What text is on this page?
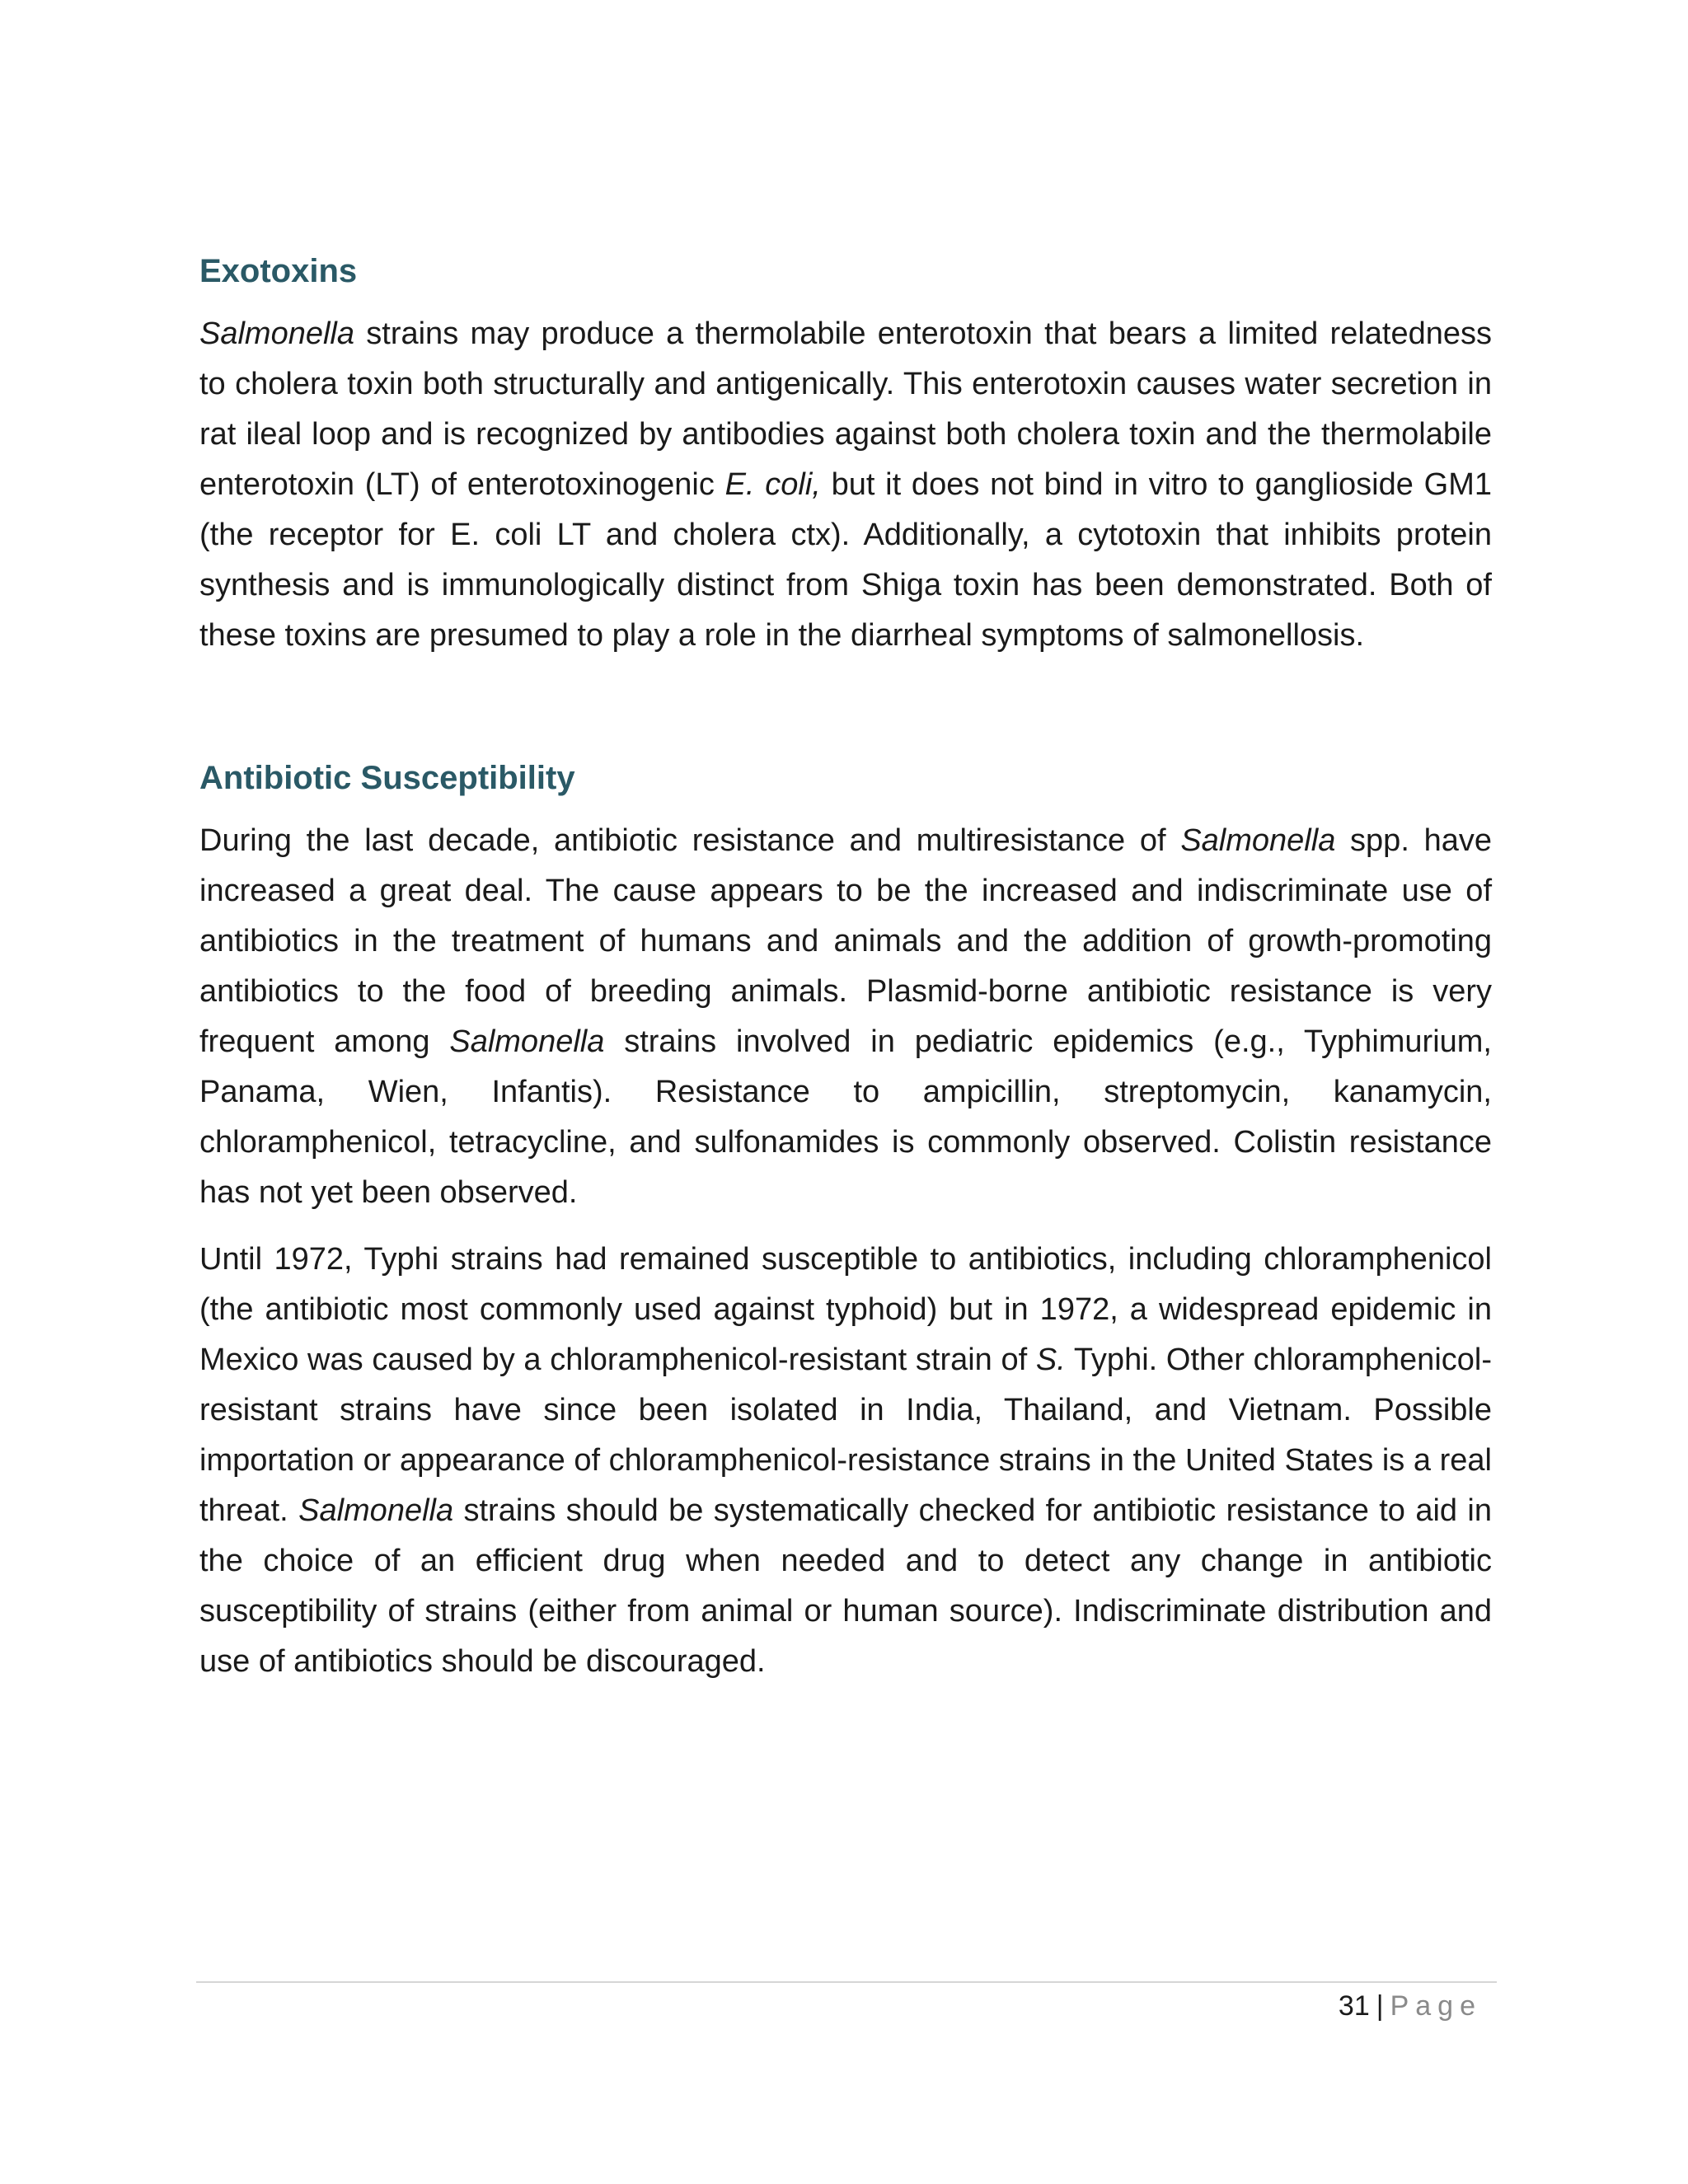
Exotoxins

Salmonella strains may produce a thermolabile enterotoxin that bears a limited relatedness to cholera toxin both structurally and antigenically. This enterotoxin causes water secretion in rat ileal loop and is recognized by antibodies against both cholera toxin and the thermolabile enterotoxin (LT) of enterotoxinogenic E. coli, but it does not bind in vitro to ganglioside GM1 (the receptor for E. coli LT and cholera ctx). Additionally, a cytotoxin that inhibits protein synthesis and is immunologically distinct from Shiga toxin has been demonstrated. Both of these toxins are presumed to play a role in the diarrheal symptoms of salmonellosis.

Antibiotic Susceptibility

During the last decade, antibiotic resistance and multiresistance of Salmonella spp. have increased a great deal. The cause appears to be the increased and indiscriminate use of antibiotics in the treatment of humans and animals and the addition of growth-promoting antibiotics to the food of breeding animals. Plasmid-borne antibiotic resistance is very frequent among Salmonella strains involved in pediatric epidemics (e.g., Typhimurium, Panama, Wien, Infantis). Resistance to ampicillin, streptomycin, kanamycin, chloramphenicol, tetracycline, and sulfonamides is commonly observed. Colistin resistance has not yet been observed.

Until 1972, Typhi strains had remained susceptible to antibiotics, including chloramphenicol (the antibiotic most commonly used against typhoid) but in 1972, a widespread epidemic in Mexico was caused by a chloramphenicol-resistant strain of S. Typhi. Other chloramphenicol-resistant strains have since been isolated in India, Thailand, and Vietnam. Possible importation or appearance of chloramphenicol-resistance strains in the United States is a real threat. Salmonella strains should be systematically checked for antibiotic resistance to aid in the choice of an efficient drug when needed and to detect any change in antibiotic susceptibility of strains (either from animal or human source). Indiscriminate distribution and use of antibiotics should be discouraged.

31 | Page
